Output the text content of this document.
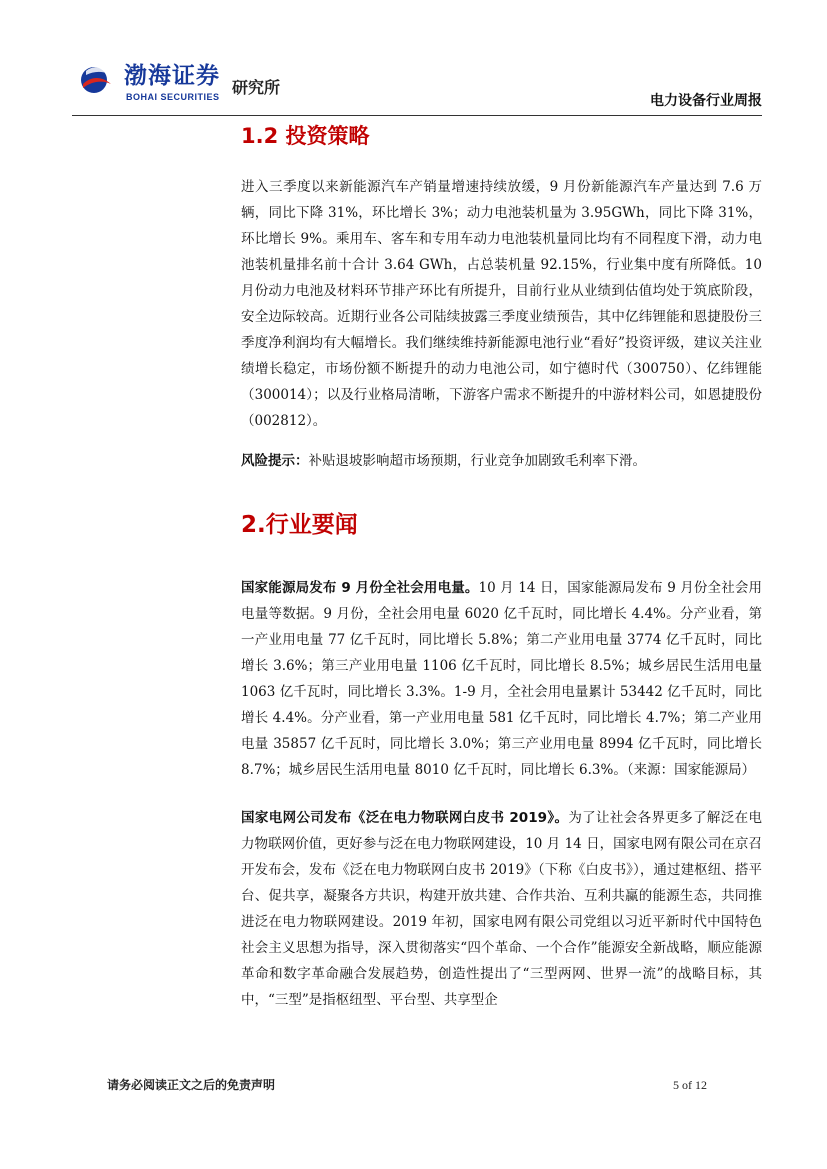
渤海证券
BOHAI SECURITIES 研究所
电力设备行业周报
1.2 投资策略

进入三季度以来新能源汽车产销量增速持续放缓，9 月份新能源汽车产量达到 7.6 万辆，同比下降 31%，环比增长 3%；动力电池装机量为 3.95GWh，同比下降 31%，环比增长 9%。乘用车、客车和专用车动力电池装机量同比均有不同程度下滑，动力电池装机量排名前十合计 3.64 GWh，占总装机量 92.15%，行业集中度有所降低。10 月份动力电池及材料环节排产环比有所提升，目前行业从业绩到估值均处于筑底阶段，安全边际较高。近期行业各公司陆续披露三季度业绩预告，其中亿纬锂能和恩捷股份三季度净利润均有大幅增长。我们继续维持新能源电池行业“看好”投资评级，建议关注业绩增长稳定，市场份额不断提升的动力电池公司，如宁德时代（300750）、亿纬锂能（300014）；以及行业格局清晰，下游客户需求不断提升的中游材料公司，如恩捷股份（002812）。

风险提示：补贴退坡影响超市场预期，行业竞争加剧致毛利率下滑。

2.行业要闻

国家能源局发布 9 月份全社会用电量。10 月 14 日，国家能源局发布 9 月份全社会用电量等数据。9 月份，全社会用电量 6020 亿千瓦时，同比增长 4.4%。分产业看，第一产业用电量 77 亿千瓦时，同比增长 5.8%；第二产业用电量 3774 亿千瓦时，同比增长 3.6%；第三产业用电量 1106 亿千瓦时，同比增长 8.5%；城乡居民生活用电量 1063 亿千瓦时，同比增长 3.3%。1-9 月，全社会用电量累计 53442 亿千瓦时，同比增长 4.4%。分产业看，第一产业用电量 581 亿千瓦时，同比增长 4.7%；第二产业用电量 35857 亿千瓦时，同比增长 3.0%；第三产业用电量 8994 亿千瓦时，同比增长 8.7%；城乡居民生活用电量 8010 亿千瓦时，同比增长 6.3%。（来源：国家能源局）

国家电网公司发布《泛在电力物联网白皮书 2019》。为了让社会各界更多了解泛在电力物联网价值，更好参与泛在电力物联网建设，10 月 14 日，国家电网有限公司在京召开发布会，发布《泛在电力物联网白皮书 2019》（下称《白皮书》），通过建枢纽、搭平台、促共享，凝聚各方共识，构建开放共建、合作共治、互利共赢的能源生态，共同推进泛在电力物联网建设。2019 年初，国家电网有限公司党组以习近平新时代中国特色社会主义思想为指导，深入贯彻落实“四个革命、一个合作”能源安全新战略，顺应能源革命和数字革命融合发展趋势，创造性提出了“三型两网、世界一流”的战略目标，其中，“三型”是指枢纽型、平台型、共享型企

请务必阅读正文之后的免责声明	5 of 12
